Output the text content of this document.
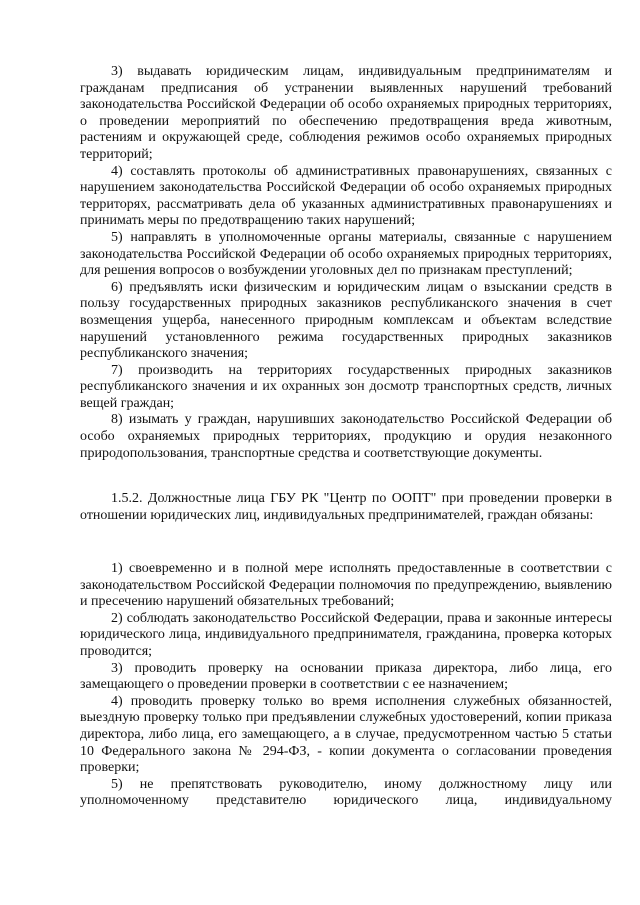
3) выдавать юридическим лицам, индивидуальным предпринимателям и гражданам предписания об устранении выявленных нарушений требований законодательства Российской Федерации об особо охраняемых природных территориях, о проведении мероприятий по обеспечению предотвращения вреда животным, растениям и окружающей среде, соблюдения режимов особо охраняемых природных территорий;

4) составлять протоколы об административных правонарушениях, связанных с нарушением законодательства Российской Федерации об особо охраняемых природных территорях, рассматривать дела об указанных административных правонарушениях и принимать меры по предотвращению таких нарушений;

5) направлять в уполномоченные органы материалы, связанные с нарушением законодательства Российской Федерации об особо охраняемых природных территориях, для решения вопросов о возбуждении уголовных дел по признакам преступлений;

6) предъявлять иски физическим и юридическим лицам о взыскании средств в пользу государственных природных заказников республиканского значения в счет возмещения ущерба, нанесенного природным комплексам и объектам вследствие нарушений установленного режима государственных природных заказников республиканского значения;

7) производить на территориях государственных природных заказников республиканского значения и их охранных зон досмотр транспортных средств, личных вещей граждан;

8) изымать у граждан, нарушивших законодательство Российской Федерации об особо охраняемых природных территориях, продукцию и орудия незаконного природопользования, транспортные средства и соответствующие документы.

1.5.2. Должностные лица ГБУ РК "Центр по ООПТ" при проведении проверки в отношении юридических лиц, индивидуальных предпринимателей, граждан обязаны:

1) своевременно и в полной мере исполнять предоставленные в соответствии с законодательством Российской Федерации полномочия по предупреждению, выявлению и пресечению нарушений обязательных требований;

2) соблюдать законодательство Российской Федерации, права и законные интересы юридического лица, индивидуального предпринимателя, гражданина, проверка которых проводится;

3) проводить проверку на основании приказа директора, либо лица, его замещающего о проведении проверки в соответствии с ее назначением;

4) проводить проверку только во время исполнения служебных обязанностей, выездную проверку только при предъявлении служебных удостоверений, копии приказа директора, либо лица, его замещающего, а в случае, предусмотренном частью 5 статьи 10 Федерального закона № 294-ФЗ, - копии документа о согласовании проведения проверки;

5) не препятствовать руководителю, иному должностному лицу или уполномоченному представителю юридического лица, индивидуальному
